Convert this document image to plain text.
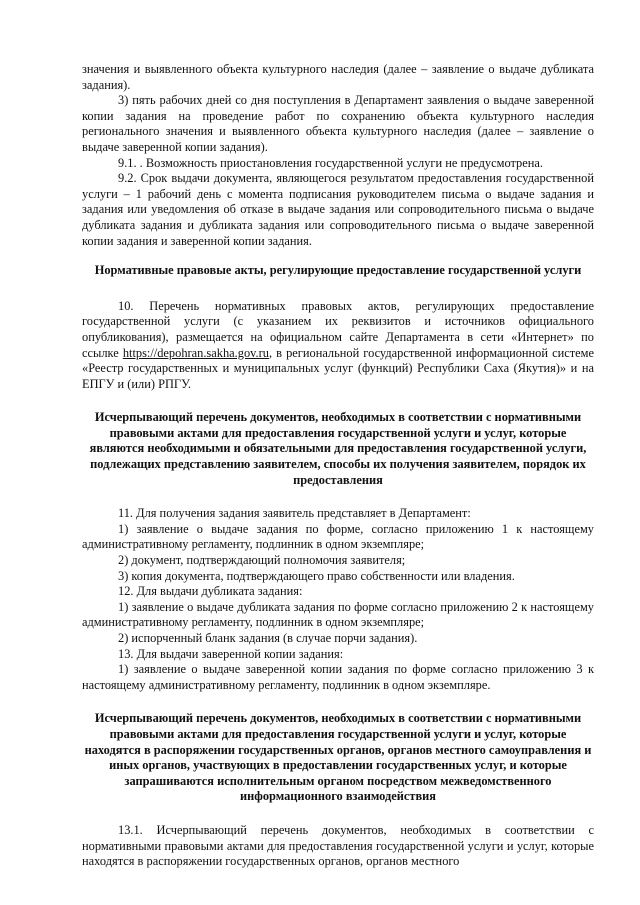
значения и выявленного объекта культурного наследия (далее – заявление о выдаче дубликата задания).

3) пять рабочих дней со дня поступления в Департамент заявления о выдаче заверенной копии задания на проведение работ по сохранению объекта культурного наследия регионального значения и выявленного объекта культурного наследия (далее – заявление о выдаче заверенной копии задания).

9.1. . Возможность приостановления государственной услуги не предусмотрена.

9.2. Срок выдачи документа, являющегося результатом предоставления государственной услуги – 1 рабочий день с момента подписания руководителем письма о выдаче задания и задания или уведомления об отказе в выдаче задания или сопроводительного письма о выдаче дубликата задания и дубликата задания или сопроводительного письма о выдаче заверенной копии задания и заверенной копии задания.

Нормативные правовые акты, регулирующие предоставление государственной услуги

10. Перечень нормативных правовых актов, регулирующих предоставление государственной услуги (с указанием их реквизитов и источников официального опубликования), размещается на официальном сайте Департамента в сети «Интернет» по ссылке https://depohran.sakha.gov.ru, в региональной государственной информационной системе «Реестр государственных и муниципальных услуг (функций) Республики Саха (Якутия)» и на ЕПГУ и (или) РПГУ.

Исчерпывающий перечень документов, необходимых в соответствии с нормативными правовыми актами для предоставления государственной услуги и услуг, которые являются необходимыми и обязательными для предоставления государственной услуги, подлежащих представлению заявителем, способы их получения заявителем, порядок их предоставления

11. Для получения задания заявитель представляет в Департамент:

1) заявление о выдаче задания по форме, согласно приложению 1 к настоящему административному регламенту, подлинник в одном экземпляре;

2) документ, подтверждающий полномочия заявителя;

3) копия документа, подтверждающего право собственности или владения.

12. Для выдачи дубликата задания:

1) заявление о выдаче дубликата задания по форме согласно приложению 2 к настоящему административному регламенту, подлинник в одном экземпляре;

2) испорченный бланк задания (в случае порчи задания).

13. Для выдачи заверенной копии задания:

1) заявление о выдаче заверенной копии задания по форме согласно приложению 3 к настоящему административному регламенту, подлинник в одном экземпляре.

Исчерпывающий перечень документов, необходимых в соответствии с нормативными правовыми актами для предоставления государственной услуги и услуг, которые находятся в распоряжении государственных органов, органов местного самоуправления и иных органов, участвующих в предоставлении государственных услуг, и которые запрашиваются исполнительным органом посредством межведомственного информационного взаимодействия

13.1. Исчерпывающий перечень документов, необходимых в соответствии с нормативными правовыми актами для предоставления государственной услуги и услуг, которые находятся в распоряжении государственных органов, органов местного
